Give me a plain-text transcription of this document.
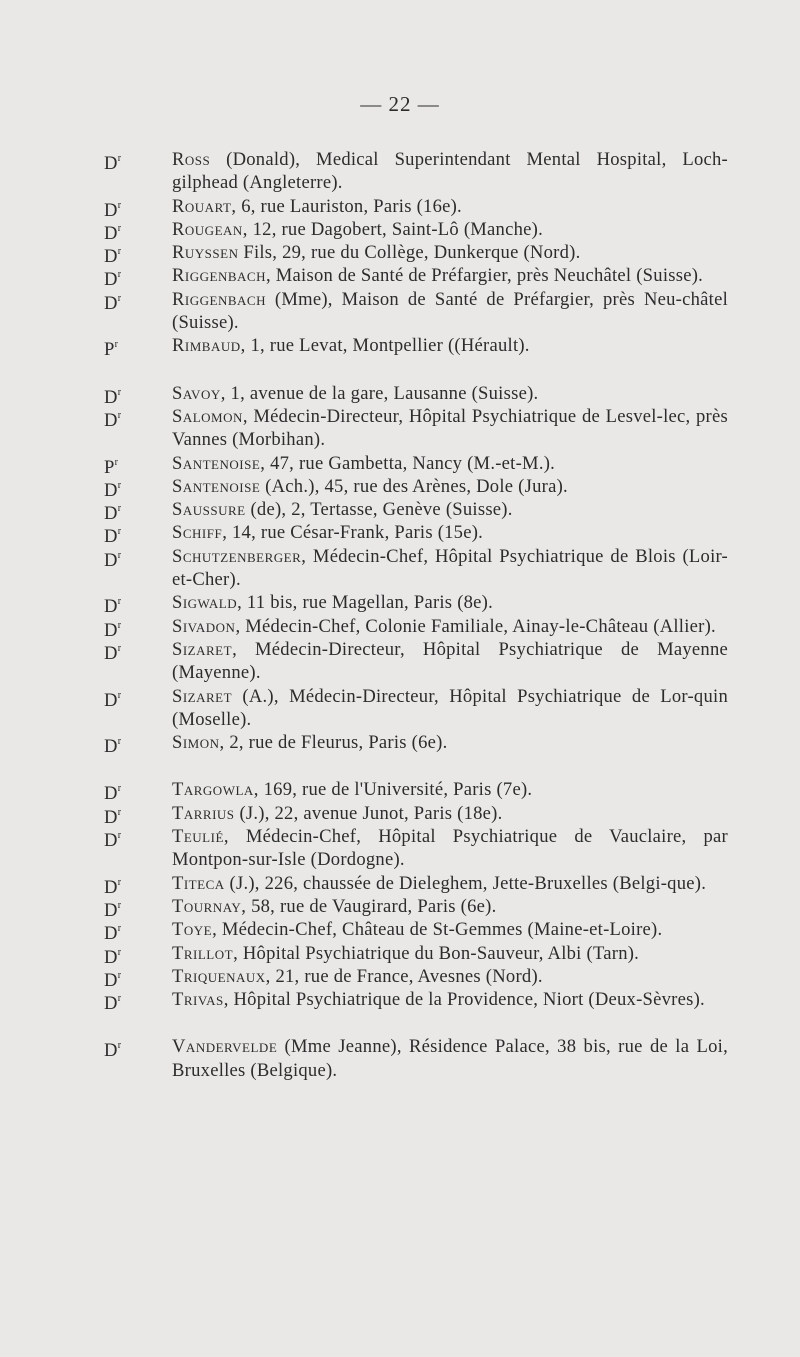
— 22 —
$D^r$	Ross (Donald), Medical Superintendant Mental Hospital, Loch-gilphead (Angleterre).
$D^r$	Rouart, 6, rue Lauriston, Paris (16e).
$D^r$	Rougean, 12, rue Dagobert, Saint-Lô (Manche).
$D^r$	Ruyssen Fils, 29, rue du Collège, Dunkerque (Nord).
$D^r$	Riggenbach, Maison de Santé de Préfargier, près Neuchâtel (Suisse).
$D^r$	Riggenbach (Mme), Maison de Santé de Préfargier, près Neu-châtel (Suisse).
$P^r$	Rimbaud, 1, rue Levat, Montpellier ((Hérault).
$D^r$	Savoy, 1, avenue de la gare, Lausanne (Suisse).
$D^r$	Salomon, Médecin-Directeur, Hôpital Psychiatrique de Lesvel-lec, près Vannes (Morbihan).
$P^r$	Santenoise, 47, rue Gambetta, Nancy (M.-et-M.).
$D^r$	Santenoise (Ach.), 45, rue des Arènes, Dole (Jura).
$D^r$	Saussure (de), 2, Tertasse, Genève (Suisse).
$D^r$	Schiff, 14, rue César-Frank, Paris (15e).
$D^r$	Schutzenberger, Médecin-Chef, Hôpital Psychiatrique de Blois (Loir-et-Cher).
$D^r$	Sigwald, 11 bis, rue Magellan, Paris (8e).
$D^r$	Sivadon, Médecin-Chef, Colonie Familiale, Ainay-le-Château (Allier).
$D^r$	Sizaret, Médecin-Directeur, Hôpital Psychiatrique de Mayenne (Mayenne).
$D^r$	Sizaret (A.), Médecin-Directeur, Hôpital Psychiatrique de Lor-quin (Moselle).
$D^r$	Simon, 2, rue de Fleurus, Paris (6e).
$D^r$	Targowla, 169, rue de l'Université, Paris (7e).
$D^r$	Tarrius (J.), 22, avenue Junot, Paris (18e).
$D^r$	Teulié, Médecin-Chef, Hôpital Psychiatrique de Vauclaire, par Montpon-sur-Isle (Dordogne).
$D^r$	Titeca (J.), 226, chaussée de Dieleghem, Jette-Bruxelles (Belgi-que).
$D^r$	Tournay, 58, rue de Vaugirard, Paris (6e).
$D^r$	Toye, Médecin-Chef, Château de St-Gemmes (Maine-et-Loire).
$D^r$	Trillot, Hôpital Psychiatrique du Bon-Sauveur, Albi (Tarn).
$D^r$	Triquenaux, 21, rue de France, Avesnes (Nord).
$D^r$	Trivas, Hôpital Psychiatrique de la Providence, Niort (Deux-Sèvres).
$D^r$	Vandervelde (Mme Jeanne), Résidence Palace, 38 bis, rue de la Loi, Bruxelles (Belgique).
